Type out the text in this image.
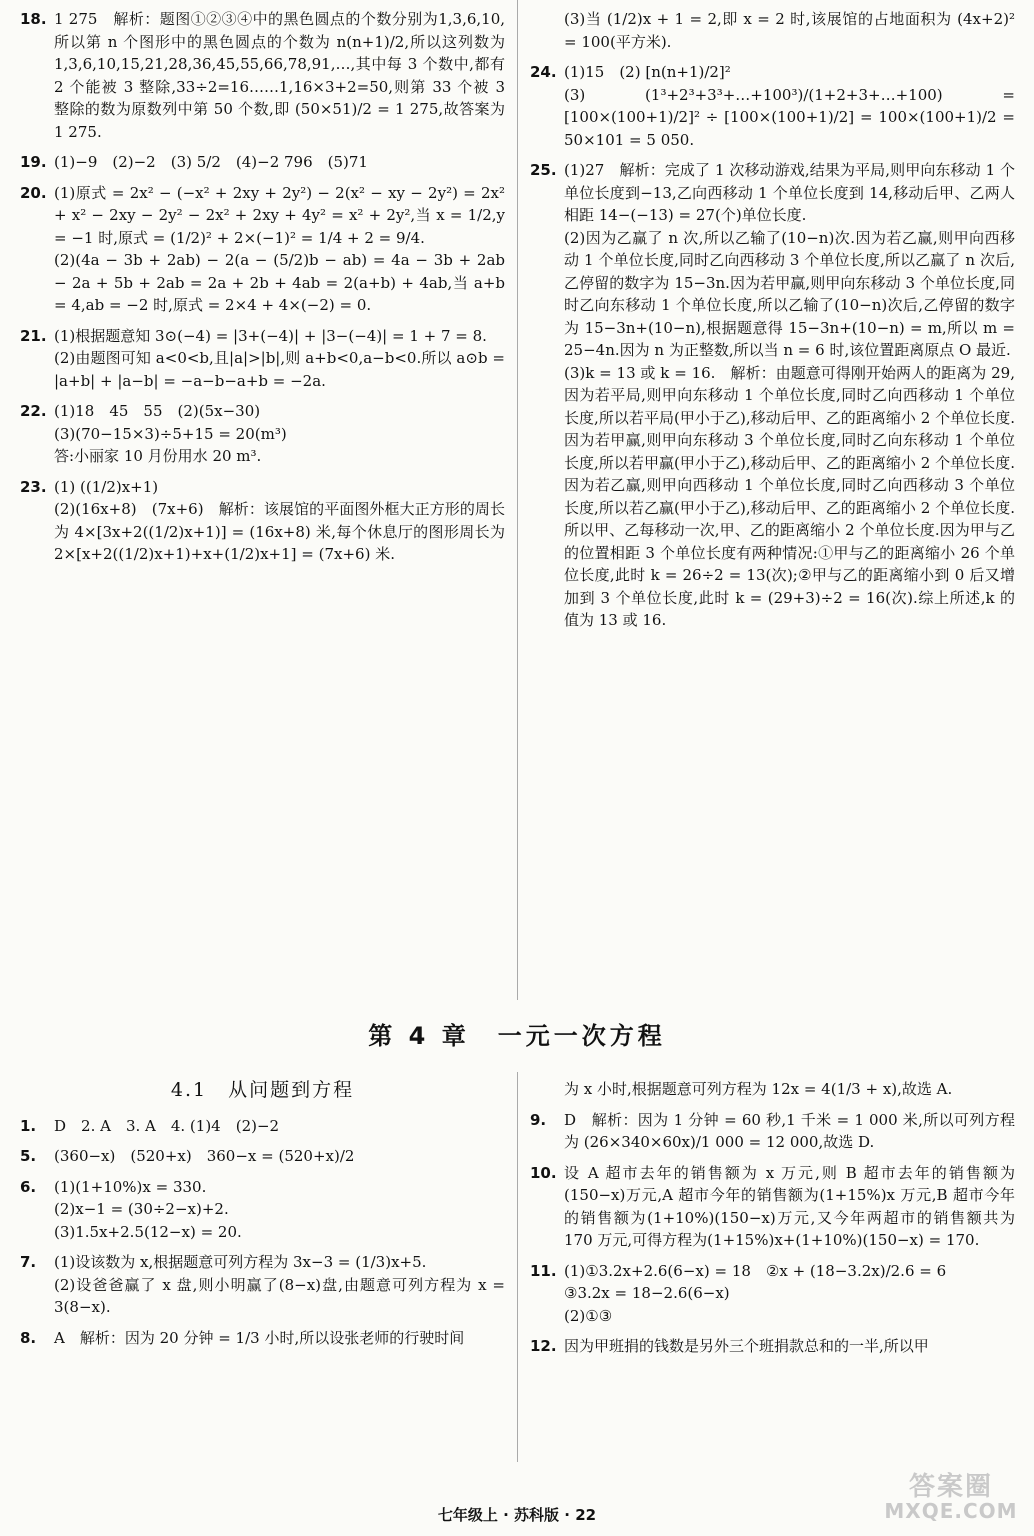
18. 1 275　解析：题图①②③④中的黑色圆点的个数分别为1,3,6,10,所以第 n 个图形中的黑色圆点的个数为 n(n+1)/2,所以这列数为 1,3,6,10,15,21,28,36,45,55,66,78,91,…,其中每 3 个数中,都有 2 个能被 3 整除,33÷2=16……1,16×3+2=50,则第 33 个被 3 整除的数为原数列中第 50 个数,即 (50×51)/2 = 1 275,故答案为 1 275.
19. (1)−9　(2)−2　(3) 5/2　(4)−2 796　(5)71
20. (1)原式 = 2x² − (−x² + 2xy + 2y²) − 2(x² − xy − 2y²) = 2x² + x² − 2xy − 2y² − 2x² + 2xy + 4y² = x² + 2y²,当 x = 1/2,y = −1 时,原式 = (1/2)² + 2×(−1)² = 1/4 + 2 = 9/4.
(2)(4a − 3b + 2ab) − 2(a − (5/2)b − ab) = 4a − 3b + 2ab − 2a + 5b + 2ab = 2a + 2b + 4ab = 2(a+b) + 4ab,当 a+b = 4,ab = −2 时,原式 = 2×4 + 4×(−2) = 0.
21. (1)根据题意知 3⊙(−4) = |3+(−4)| + |3−(−4)| = 1 + 7 = 8.
(2)由题图可知 a<0<b,且|a|>|b|,则 a+b<0,a−b<0.所以 a⊙b = |a+b| + |a−b| = −a−b−a+b = −2a.
22. (1)18　45　55　(2)(5x−30)
(3)(70−15×3)÷5+15 = 20(m³)
答:小丽家 10 月份用水 20 m³.
23. (1) ((1/2)x+1)
(2)(16x+8)　(7x+6)　解析：该展馆的平面图外框大正方形的周长为 4×[3x+2((1/2)x+1)] = (16x+8) 米,每个休息厅的图形周长为 2×[x+2((1/2)x+1)+x+(1/2)x+1] = (7x+6) 米.
(3)当 (1/2)x + 1 = 2,即 x = 2 时,该展馆的占地面积为 (4x+2)² = 100(平方米).
24. (1)15　(2) [n(n+1)/2]²
(3) (1³+2³+3³+…+100³)/(1+2+3+…+100) = [100×(100+1)/2]² ÷ [100×(100+1)/2] = 100×(100+1)/2 = 50×101 = 5 050.
25. (1)27　解析：完成了 1 次移动游戏,结果为平局,则甲向东移动 1 个单位长度到−13,乙向西移动 1 个单位长度到 14,移动后甲、乙两人相距 14−(−13) = 27(个)单位长度.
(2)因为乙赢了 n 次,所以乙输了(10−n)次.因为若乙赢,则甲向西移动 1 个单位长度,同时乙向西移动 3 个单位长度,所以乙赢了 n 次后,乙停留的数字为 15−3n.因为若甲赢,则甲向东移动 3 个单位长度,同时乙向东移动 1 个单位长度,所以乙输了(10−n)次后,乙停留的数字为 15−3n+(10−n),根据题意得 15−3n+(10−n) = m,所以 m = 25−4n.因为 n 为正整数,所以当 n = 6 时,该位置距离原点 O 最近.
(3)k = 13 或 k = 16.　解析：由题意可得刚开始两人的距离为 29,因为若平局,则甲向东移动 1 个单位长度,同时乙向西移动 1 个单位长度,所以若平局(甲小于乙),移动后甲、乙的距离缩小 2 个单位长度.因为若甲赢,则甲向东移动 3 个单位长度,同时乙向东移动 1 个单位长度,所以若甲赢(甲小于乙),移动后甲、乙的距离缩小 2 个单位长度.因为若乙赢,则甲向西移动 1 个单位长度,同时乙向西移动 3 个单位长度,所以若乙赢(甲小于乙),移动后甲、乙的距离缩小 2 个单位长度.所以甲、乙每移动一次,甲、乙的距离缩小 2 个单位长度.因为甲与乙的位置相距 3 个单位长度有两种情况:①甲与乙的距离缩小 26 个单位长度,此时 k = 26÷2 = 13(次);②甲与乙的距离缩小到 0 后又增加到 3 个单位长度,此时 k = (29+3)÷2 = 16(次).综上所述,k 的值为 13 或 16.
第 4 章　一元一次方程
4.1　从问题到方程
1.	D　2. A　3. A　4. (1)4　(2)−2
5.	(360−x)　(520+x)　360−x = (520+x)/2
6.	(1)(1+10%)x = 330.
(2)x−1 = (30÷2−x)+2.
(3)1.5x+2.5(12−x) = 20.
7.	(1)设该数为 x,根据题意可列方程为 3x−3 = (1/3)x+5.
(2)设爸爸赢了 x 盘,则小明赢了(8−x)盘,由题意可列方程为 x = 3(8−x).
8.	A　解析：因为 20 分钟 = 1/3 小时,所以设张老师的行驶时间
为 x 小时,根据题意可列方程为 12x = 4(1/3 + x),故选 A.
9.	D　解析：因为 1 分钟 = 60 秒,1 千米 = 1 000 米,所以可列方程为 (26×340×60x)/1 000 = 12 000,故选 D.
10. 设 A 超市去年的销售额为 x 万元,则 B 超市去年的销售额为(150−x)万元,A 超市今年的销售额为(1+15%)x 万元,B 超市今年的销售额为(1+10%)(150−x)万元,又今年两超市的销售额共为 170 万元,可得方程为(1+15%)x+(1+10%)(150−x) = 170.
11. (1)①3.2x+2.6(6−x) = 18　②x + (18−3.2x)/2.6 = 6
③3.2x = 18−2.6(6−x)
(2)①③
12. 因为甲班捐的钱数是另外三个班捐款总和的一半,所以甲
七年级上 · 苏科版 · 22
答案圈
MXQE.COM
